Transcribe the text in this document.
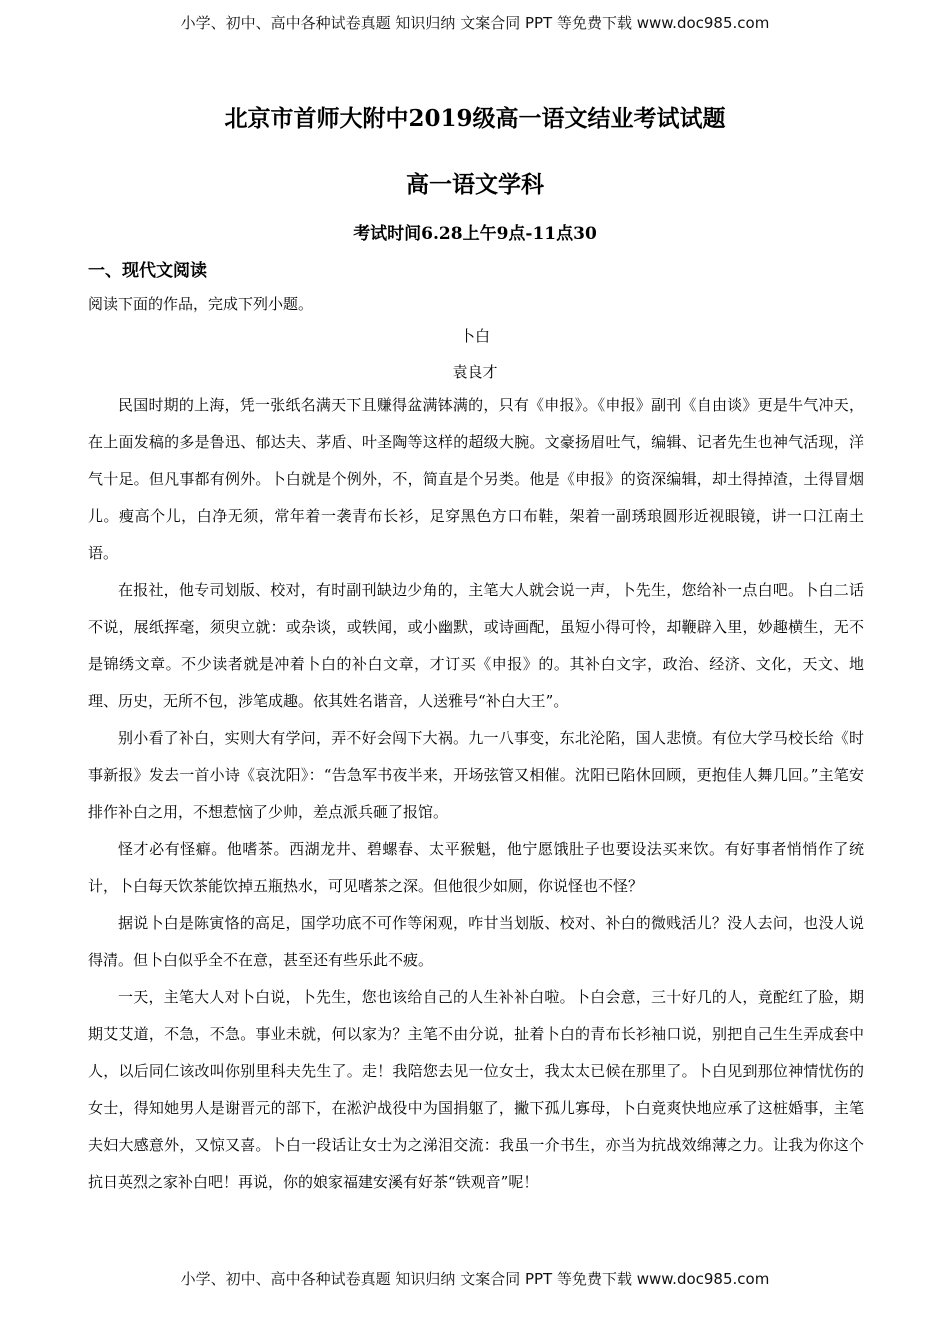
小学、初中、高中各种试卷真题 知识归纳 文案合同 PPT 等免费下载 www.doc985.com
北京市首师大附中2019级高一语文结业考试试题
高一语文学科
考试时间6.28上午9点-11点30
一、现代文阅读
阅读下面的作品，完成下列小题。
卜白
袁良才

民国时期的上海，凭一张纸名满天下且赚得盆满钵满的，只有《申报》。《申报》副刊《自由谈》更是牛气冲天，在上面发稿的多是鲁迅、郁达夫、茅盾、叶圣陶等这样的超级大腕。文豪扬眉吐气，编辑、记者先生也神气活现，洋气十足。但凡事都有例外。卜白就是个例外，不，简直是个另类。他是《申报》的资深编辑，却土得掉渣，土得冒烟儿。瘦高个儿，白净无须，常年着一袭青布长衫，足穿黑色方口布鞋，架着一副琇琅圆形近视眼镜，讲一口江南土语。

在报社，他专司划版、校对，有时副刊缺边少角的，主笔大人就会说一声，卜先生，您给补一点白吧。卜白二话不说，展纸挥毫，须臾立就：或杂谈，或轶闻，或小幽默，或诗画配，虽短小得可怜，却鞭辟入里，妙趣横生，无不是锦绣文章。不少读者就是冲着卜白的补白文章，才订买《申报》的。其补白文字，政治、经济、文化，天文、地理、历史，无所不包，涉笔成趣。依其姓名谐音，人送雅号“补白大王”。

别小看了补白，实则大有学问，弄不好会闯下大祸。九一八事变，东北沦陷，国人悲愤。有位大学马校长给《时事新报》发去一首小诗《哀沈阳》：“告急军书夜半来，开场弦管又相催。沈阳已陷休回顾，更抱佳人舞几回。”主笔安排作补白之用，不想惹恼了少帅，差点派兵砸了报馆。

怪才必有怪癖。他嗜茶。西湖龙井、碧螺春、太平猴魁，他宁愿饿肚子也要设法买来饮。有好事者悄悄作了统计，卜白每天饮茶能饮掉五瓶热水，可见嗜茶之深。但他很少如厕，你说怪也不怪？

据说卜白是陈寅恪的高足，国学功底不可作等闲观，咋甘当划版、校对、补白的微贱活儿？没人去问，也没人说得清。但卜白似乎全不在意，甚至还有些乐此不疲。

一天，主笔大人对卜白说，卜先生，您也该给自己的人生补补白啦。卜白会意，三十好几的人，竟酡红了脸，期期艾艾道，不急，不急。事业未就，何以家为？主笔不由分说，扯着卜白的青布长衫袖口说，别把自己生生弄成套中人，以后同仁该改叫你别里科夫先生了。走！我陪您去见一位女士，我太太已候在那里了。卜白见到那位神情忧伤的女士，得知她男人是谢晋元的部下，在淞沪战役中为国捐躯了，撇下孤儿寡母，卜白竟爽快地应承了这桩婚事，主笔夫妇大感意外，又惊又喜。卜白一段话让女士为之涕泪交流：我虽一介书生，亦当为抗战效绵薄之力。让我为你这个抗日英烈之家补白吧！再说，你的娘家福建安溪有好茶“铁观音”呢！

小学、初中、高中各种试卷真题 知识归纳 文案合同 PPT 等免费下载 www.doc985.com
